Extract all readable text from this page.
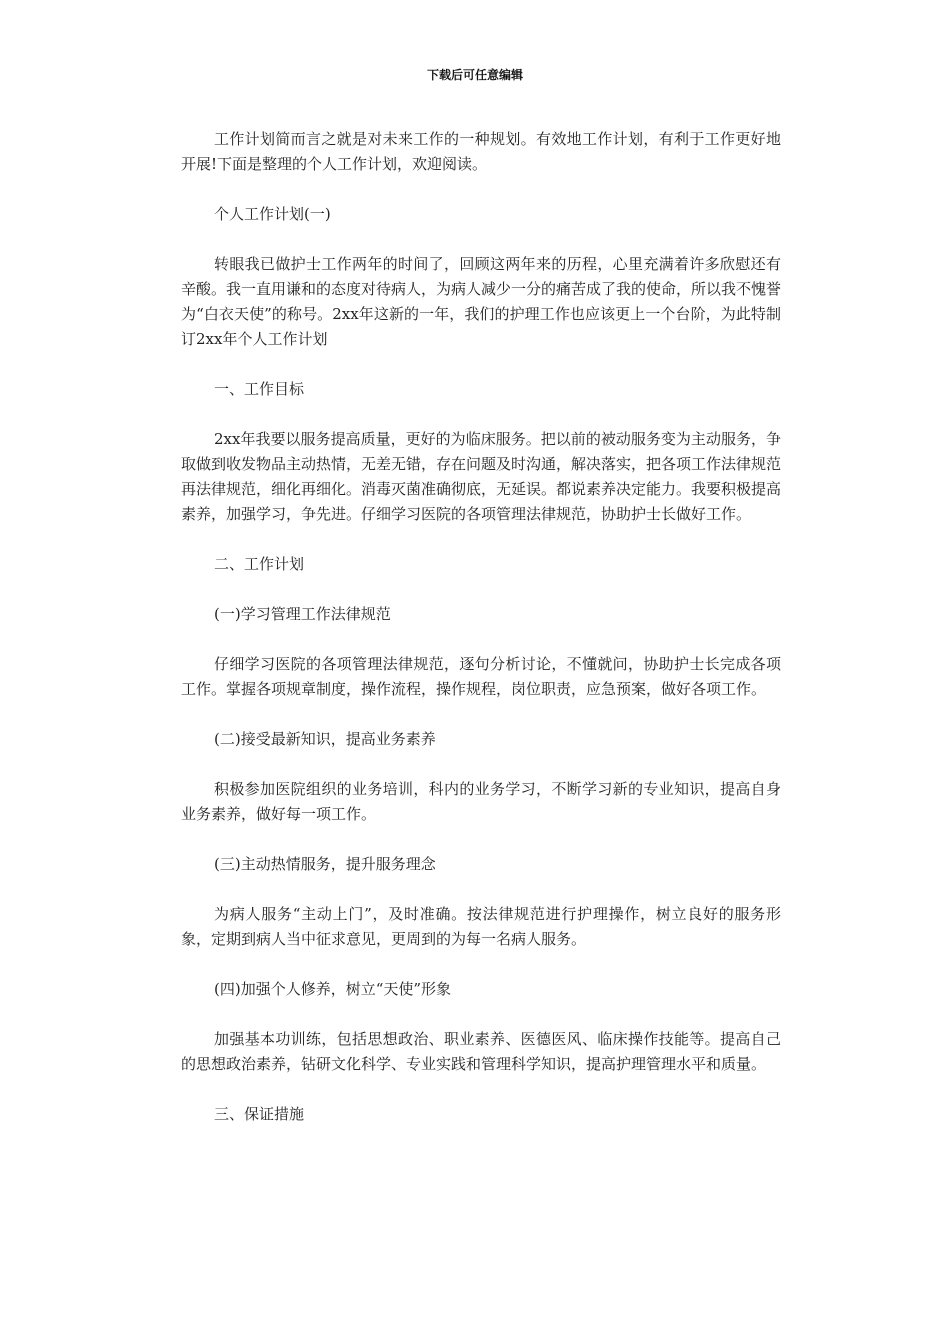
下载后可任意编辑

工作计划简而言之就是对未来工作的一种规划。有效地工作计划，有利于工作更好地开展!下面是整理的个人工作计划，欢迎阅读。

个人工作计划(一)

转眼我已做护士工作两年的时间了，回顾这两年来的历程，心里充满着许多欣慰还有辛酸。我一直用谦和的态度对待病人，为病人减少一分的痛苦成了我的使命，所以我不愧誉为“白衣天使”的称号。2xx年这新的一年，我们的护理工作也应该更上一个台阶，为此特制订2xx年个人工作计划

一、工作目标

2xx年我要以服务提高质量，更好的为临床服务。把以前的被动服务变为主动服务，争取做到收发物品主动热情，无差无错，存在问题及时沟通，解决落实，把各项工作法律规范再法律规范，细化再细化。消毒灭菌准确彻底，无延误。都说素养决定能力。我要积极提高素养，加强学习，争先进。仔细学习医院的各项管理法律规范，协助护士长做好工作。

二、工作计划

(一)学习管理工作法律规范

仔细学习医院的各项管理法律规范，逐句分析讨论，不懂就问，协助护士长完成各项工作。掌握各项规章制度，操作流程，操作规程，岗位职责，应急预案，做好各项工作。

(二)接受最新知识，提高业务素养

积极参加医院组织的业务培训，科内的业务学习，不断学习新的专业知识，提高自身业务素养，做好每一项工作。

(三)主动热情服务，提升服务理念

为病人服务“主动上门”，及时准确。按法律规范进行护理操作，树立良好的服务形象，定期到病人当中征求意见，更周到的为每一名病人服务。

(四)加强个人修养，树立“天使”形象

加强基本功训练，包括思想政治、职业素养、医德医风、临床操作技能等。提高自己的思想政治素养，钻研文化科学、专业实践和管理科学知识，提高护理管理水平和质量。

三、保证措施
